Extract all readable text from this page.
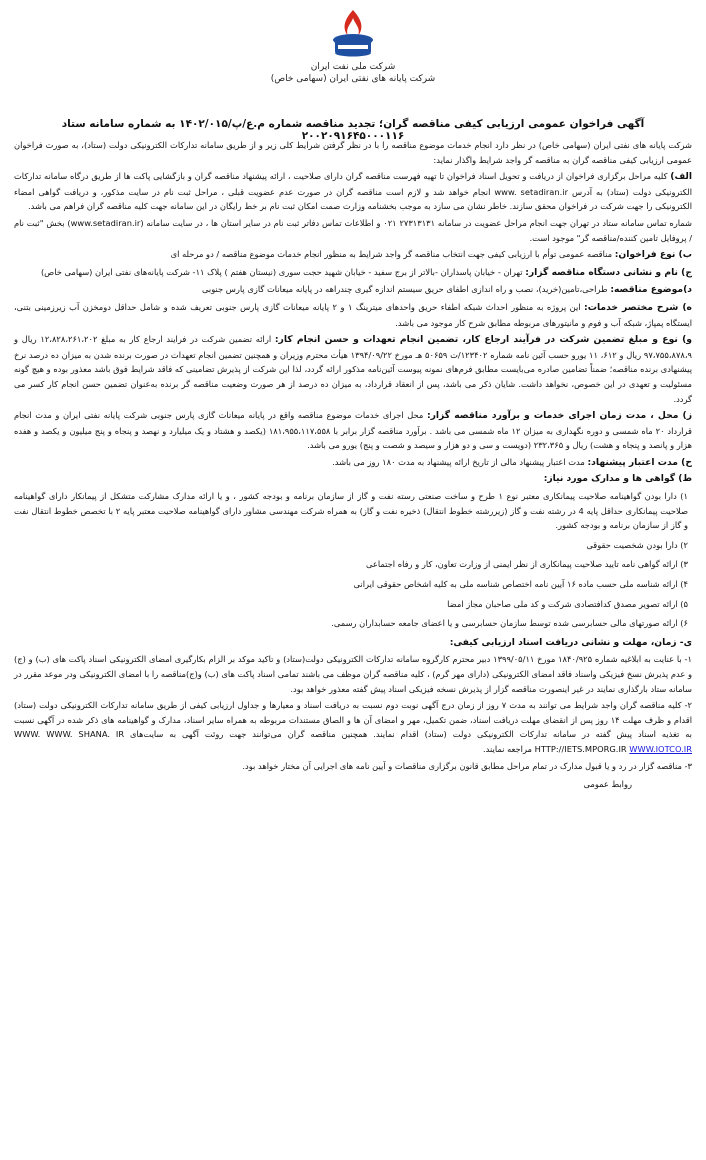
شرکت ملی نفت ایران
شرکت پایانه های نفتی ایران (سهامی خاص)
آگهی فراخوان عمومی ارزیابی کیفی مناقصه گران؛ تجدید مناقصه شماره م.ع/پ/۱۴۰۲/۰۱۵ به شماره سامانه ستاد ۲۰۰۲۰۹۱۶۴۵۰۰۰۱۱۶

شرکت پایانه های نفتی ایران (سهامی خاص) در نظر دارد انجام خدمات موضوع مناقصه را با در نظر گرفتن شرایط کلی زیر و از طریق سامانه تدارکات الکترونیکی دولت (ستاد)، به صورت فراخوان عمومی ارزیابی کیفی مناقصه گران به مناقصه گر واجد شرایط واگذار نماید:

الف) کلیه مراحل برگزاری فراخوان از دریافت و تحویل اسناد فراخوان تا تهیه فهرست مناقصه گران دارای صلاحیت ، ارائه پیشنهاد مناقصه گران و بازگشایی پاکت ها از طریق درگاه سامانه تدارکات الکترونیکی دولت (ستاد) به آدرس www. setadiran.ir انجام خواهد شد و لازم است مناقصه گران در صورت عدم عضویت قبلی ، مراحل ثبت نام در سایت مذکور، و دریافت گواهی امضاء الکترونیکی را جهت شرکت در فراخوان محقق سازند. خاطر نشان می سازد به موجب بخشنامه وزارت صمت امکان ثبت نام بر خط رایگان در این سامانه جهت کلیه مناقصه گران فراهم می باشد.

شماره تماس سامانه ستاد در تهران جهت انجام مراحل عضویت در سامانه ۲۷۳۱۳۱۳۱ ۰۲۱ و اطلاعات تماس دفاتر ثبت نام در سایر استان ها ، در سایت سامانه (www.setadiran.ir) بخش "ثبت نام / پروفایل تامین کننده/مناقصه گر" موجود است.

ب) نوع فراخوان: مناقصه عمومی توأم با ارزیابی کیفی جهت انتخاب مناقصه گر واجد شرایط به منظور انجام خدمات موضوع مناقصه / دو مرحله ای

ج) نام و نشانی دستگاه مناقصه گزار: تهران - خیابان پاسداران -بالاتر از برج سفید - خیابان شهید حجت سوری (نیستان هفتم ) پلاک ۱۱- شرکت پایانه‌های نفتی ایران (سهامی خاص)

د)موضوع مناقصه: طراحی،تامین(خرید)، نصب و راه اندازی اطفای حریق سیستم اندازه گیری چندراهه در پایانه میعانات گازی پارس جنوبی

ه) شرح مختصر خدمات: این پروژه به منظور احداث شبکه اطفاء حریق واحدهای میترینگ ۱ و ۲ پایانه میعانات گازی پارس جنوبی تعریف شده و شامل حداقل دومخزن آب زیرزمینی بتنی، ایستگاه پمپاژ، شبکه آب و فوم و مانیتورهای مربوطه مطابق شرح کار موجود می باشد.

و) نوع و مبلغ تضمین شرکت در فرآیند ارجاع کار، تضمین انجام تعهدات و حسن انجام کار: ارائه تضمین شرکت در فرایند ارجاع کار به مبلغ ۱۲،۸۲۸،۲۶۱،۲۰۲ ریال و ۹۷،۷۵۵،۸۷۸،۹ ریال و ۶۱۲، ۱۱ یورو حسب آئین نامه شماره ۱۲۳۴۰۲/ت ۵۰۶۵۹ هـ مورخ ۱۳۹۴/۰۹/۲۲ هیأت محترم وزیران و همچنین تضمین انجام تعهدات در صورت برنده شدن به میزان ده درصد نرخ پیشنهادی برنده مناقصه؛ ضمناً تضامین صادره می‌بایست مطابق فرم‌های نمونه پیوست آئین‌نامه مذکور ارائه گردد، لذا این شرکت از پذیرش تضامینی که فاقد شرایط فوق باشد معذور بوده و هیچ گونه مسئولیت و تعهدی در این خصوص، نخواهد داشت. شایان ذکر می باشد، پس از انعقاد قرارداد، به میزان ده درصد از هر صورت وضعیت مناقصه گر برنده به‌عنوان تضمین حسن انجام کار کسر می گردد.

ز) محل ، مدت زمان اجرای خدمات و برآورد مناقصه گزار: محل اجرای خدمات موضوع مناقصه واقع در پایانه میعانات گازی پارس جنوبی شرکت پایانه نفتی ایران و مدت انجام قرارداد ۲۰ ماه شمسی و دوره نگهداری به میزان ۱۲ ماه شمسی می باشد . برآورد مناقصه گزار برابر با ۱۸۱،۹۵۵،۱۱۷،۵۵۸ (یکصد و هشتاد و یک میلیارد و نهصد و پنجاه و پنج میلیون و یکصد و هفده هزار و پانصد و پنجاه و هشت) ریال و ۲۳۲،۳۶۵ (دویست و سی و دو هزار و سیصد و شصت و پنج) یورو می باشد.

ح) مدت اعتبار پیشنهاد: مدت اعتبار پیشنهاد مالی از تاریخ ارائه پیشنهاد به مدت ۱۸۰ روز می باشد.

ط) گواهی ها و مدارک مورد نیاز:

۱) دارا بودن گواهینامه صلاحیت پیمانکاری معتبر نوع ۱ طرح و ساخت صنعتی رسته نفت و گاز از سازمان برنامه و بودجه کشور ، و یا ارائه مدارک مشارکت متشکل از پیمانکار دارای گواهینامه صلاحیت پیمانکاری حداقل پایه 4 در رشته نفت و گاز (زیررشته خطوط انتقال) ذخیره نفت و گاز) به همراه شرکت مهندسی مشاور دارای گواهینامه صلاحیت معتبر پایه ۲ با تخصص خطوط انتقال نفت و گاز از سازمان برنامه و بودجه کشور.

۲) دارا بودن شخصیت حقوقی

۳) ارائه گواهی نامه تایید صلاحیت پیمانکاری از نظر ایمنی از وزارت تعاون، کار و رفاه اجتماعی

۴) ارائه شناسه ملی حسب ماده ۱۶ آیین نامه اختصاص شناسه ملی به کلیه اشخاص حقوقی ایرانی

۵) ارائه تصویر مصدق کدافتصادی شرکت و کد ملی صاحبان مجاز امضا

۶) ارائه صورتهای مالی حسابرسی شده توسط سازمان حسابرسی و یا اعضای جامعه حسابداران رسمی.

ی- زمان، مهلت و نشانی دریافت اسناد ارزیابی کیفی:

۱- با عنایت به ابلاغیه شماره ۱۸۴۰/۹۲۵ مورخ ۱۳۹۹/۰۵/۱۱ دبیر محترم کارگروه سامانه تدارکات الکترونیکی دولت(ستاد) و تاکید موکد بر الزام بکارگیری امضای الکترونیکی اسناد پاکت های (ب) و (ج) و عدم پذیرش نسخ فیزیکی واسناد فاقد امضای الکترونیکی (دارای مهر گرم) ، کلیه مناقصه گران موظف می باشند تمامی اسناد پاکت های (ب) و(ج)مناقصه را با امضای الکترونیکی ودر موعد مقرر در سامانه ستاد بارگذاری نمایند در غیر اینصورت مناقصه گزار از پذیرش نسخه فیزیکی اسناد پیش گفته معذور خواهد بود.

۲- کلیه مناقصه گران واجد شرایط می توانند به مدت ۷ روز از زمان درج آگهی نوبت دوم نسبت به دریافت اسناد و معیارها و جداول ارزیابی کیفی از طریق سامانه تدارکات الکترونیکی دولت (ستاد) اقدام و ظرف مهلت ۱۴ روز پس از انقضای مهلت دریافت اسناد، ضمن تکمیل، مهر و امضای آن ها و الصاق مستندات مربوطه به همراه سایر اسناد، مدارک و گواهینامه های ذکر شده در آگهی نسبت به تغذیه اسناد پیش گفته در سامانه تدارکات الکترونیکی دولت (ستاد) اقدام نمایند. همچنین مناقصه گران می‌توانند جهت روئت آگهی به سایت‌های WWW. WWW. SHANA. IR HTTP://IETS.MPORG.IR WWW.IOTCO.IR مراجعه نمایند.

۳- مناقصه گزار در رد و یا قبول مدارک در تمام مراحل مطابق قانون برگزاری مناقصات و آیین نامه های اجرایی آن مختار خواهد بود.

روابط عمومی
